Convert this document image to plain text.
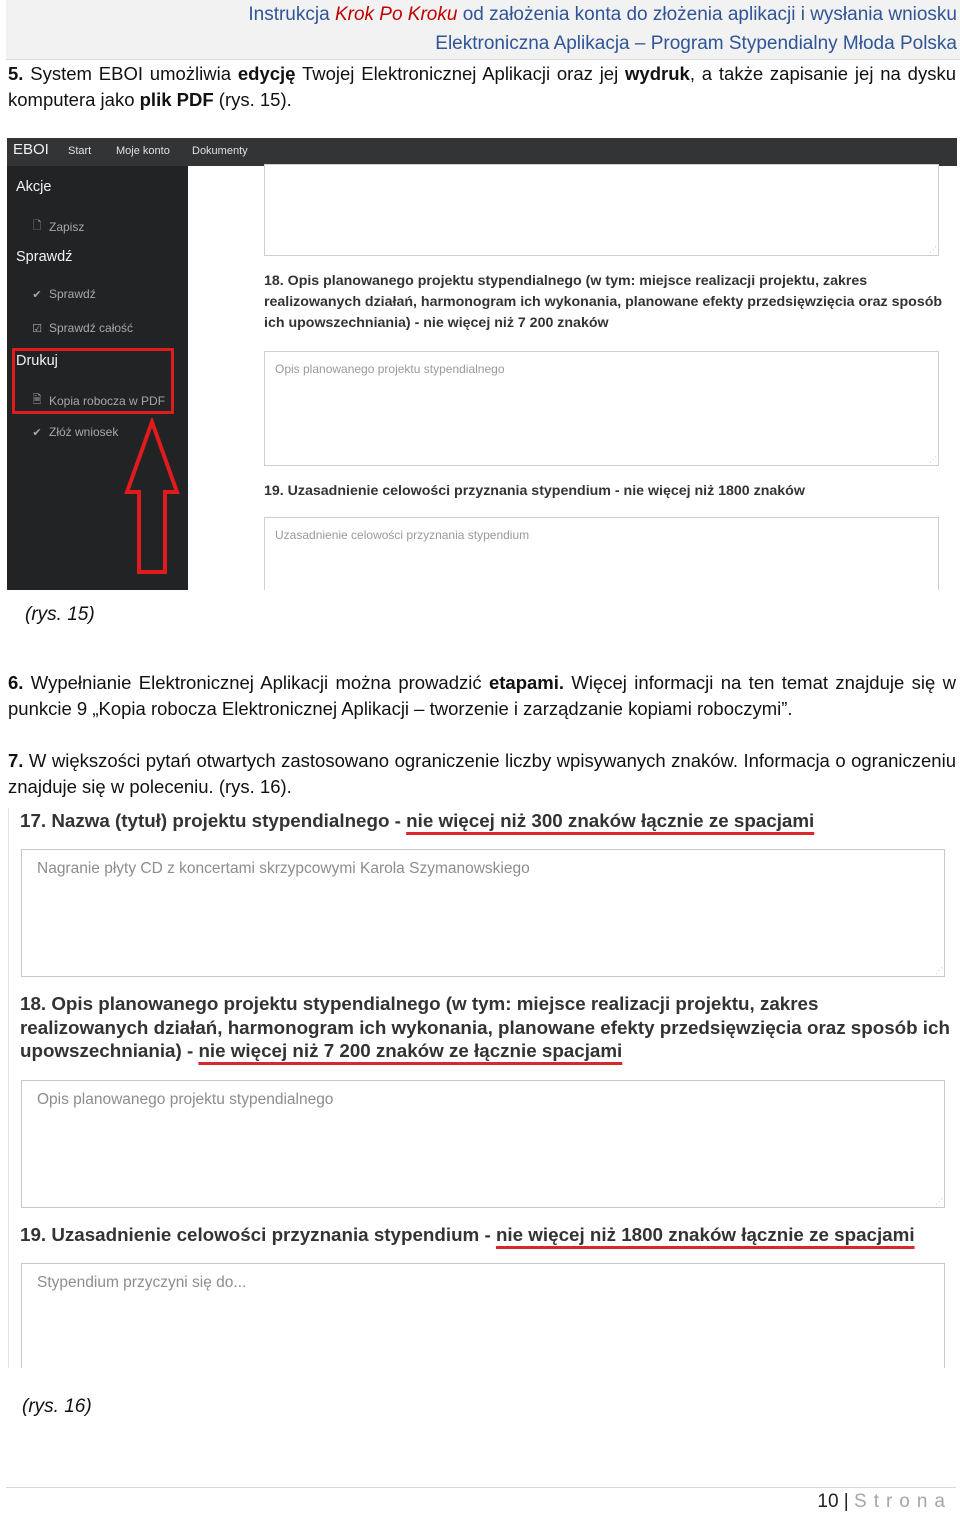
Instrukcja Krok Po Kroku od założenia konta do złożenia aplikacji i wysłania wniosku
Elektroniczna Aplikacja – Program Stypendialny Młoda Polska
5. System EBOI umożliwia edycję Twojej Elektronicznej Aplikacji oraz jej wydruk, a także zapisanie jej na dysku komputera jako plik PDF (rys. 15).
EBOI Start Moje konto Dokumenty
Akcje
🗋 Zapisz
Sprawdź
✔ Sprawdź
☑ Sprawdź całość
Drukuj
🗎 Kopia robocza w PDF
✔ Złóż wniosek
⋰
18. Opis planowanego projektu stypendialnego (w tym: miejsce realizacji projektu, zakres realizowanych działań, harmonogram ich wykonania, planowane efekty przedsięwzięcia oraz sposób ich upowszechniania) - nie więcej niż 7 200 znaków
Opis planowanego projektu stypendialnego
⋰
19. Uzasadnienie celowości przyznania stypendium - nie więcej niż 1800 znaków
Uzasadnienie celowości przyznania stypendium
(rys. 15)
6. Wypełnianie Elektronicznej Aplikacji można prowadzić etapami. Więcej informacji na ten temat znajduje się w punkcie 9 „Kopia robocza Elektronicznej Aplikacji – tworzenie i zarządzanie kopiami roboczymi”.
7. W większości pytań otwartych zastosowano ograniczenie liczby wpisywanych znaków. Informacja o ograniczeniu znajduje się w poleceniu. (rys. 16).
17. Nazwa (tytuł) projektu stypendialnego - nie więcej niż 300 znaków łącznie ze spacjami
Nagranie płyty CD z koncertami skrzypcowymi Karola Szymanowskiego
⋰
18. Opis planowanego projektu stypendialnego (w tym: miejsce realizacji projektu, zakres realizowanych działań, harmonogram ich wykonania, planowane efekty przedsięwzięcia oraz sposób ich upowszechniania) - nie więcej niż 7 200 znaków ze łącznie spacjami
Opis planowanego projektu stypendialnego
⋰
19. Uzasadnienie celowości przyznania stypendium - nie więcej niż 1800 znaków łącznie ze spacjami
Stypendium przyczyni się do...
(rys. 16)
10 | Strona
